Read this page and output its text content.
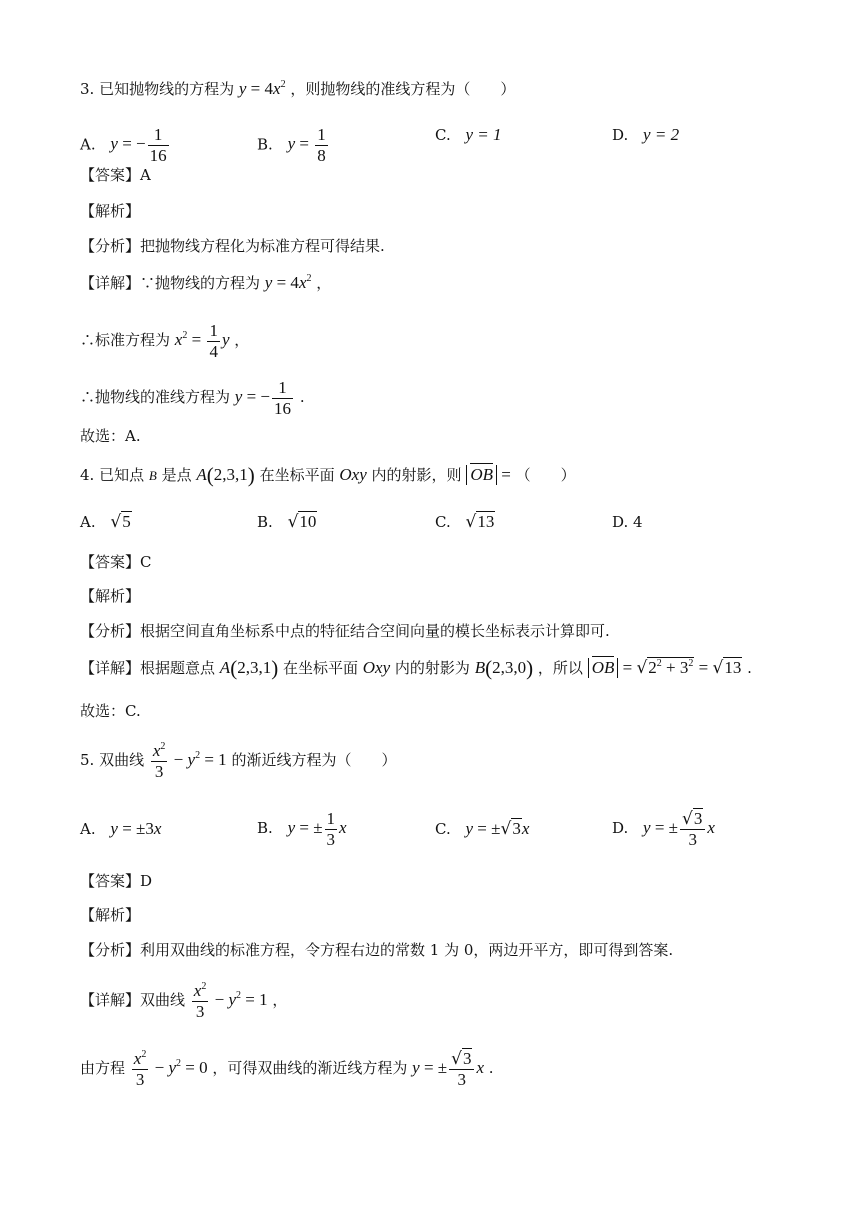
3. 已知抛物线的方程为 $y = 4x^2$ ，则抛物线的准线方程为（　　）
A. y = − $\frac{1}{16}$	B. $y = \frac{1}{8}$	C. y = 1	D. y = 2
【答案】A
【解析】
【分析】把抛物线方程化为标准方程可得结果.
【详解】∵抛物线的方程为 $y = 4x^2$ ，
∴标准方程为 $x^2 = \frac{1}{4}$ y ，
∴抛物线的准线方程为 y = − $\frac{1}{16}$ .
故选：A.
4. 已知点 B 是点 A(2,3,1) 在坐标平面 Oxy 内的射影，则 OB = （　　）
A. √5	B. √10	C. √13	D. 4
【答案】C
【解析】
【分析】根据空间直角坐标系中点的特征结合空间向量的模长坐标表示计算即可.
【详解】根据题意点 A(2,3,1) 在坐标平面 Oxy 内的射影为 B(2,3,0) ，所以 OB = $√2^2 + 3^2 = √13$ .
故选：C.
5. 双曲线 $\frac{x^2}{3} - y^2 = 1$ 的渐近线方程为（　　）
A. y = ±3x	B. y = ± $\frac{1}{3}$ x	C. y = ±√3x	D. y = ± $\frac{√3}{3}$ x
【答案】D
【解析】
【分析】利用双曲线的标准方程，令方程右边的常数 1 为 0，两边开平方，即可得到答案.
【详解】双曲线 $\frac{x^2}{3} - y^2 = 1$ ，
由方程 $\frac{x^2}{3} - y^2 = 0$ ，可得双曲线的渐近线方程为 y = ± $\frac{√3}{3}$ x .
